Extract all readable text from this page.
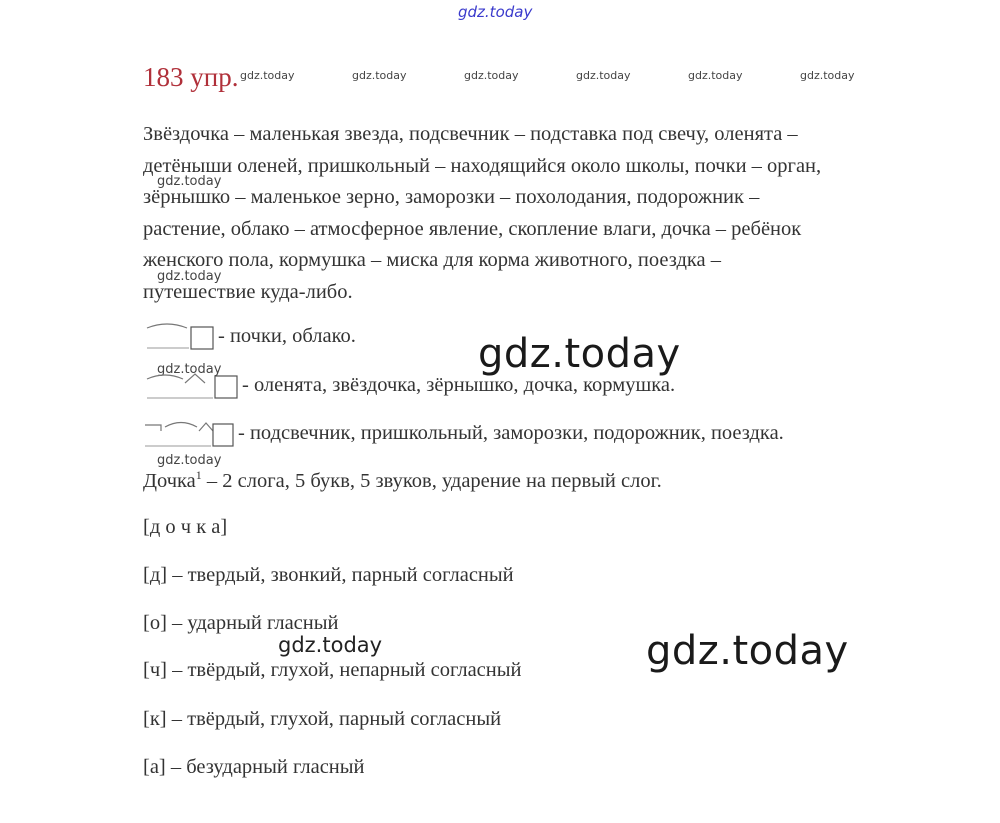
gdz.today
gdz.today	gdz.today	gdz.today	gdz.today	gdz.today	gdz.today
gdz.today
gdz.today
gdz.today
gdz.today
gdz.today
gdz.today
gdz.today
183 упр.
Звёздочка – маленькая звезда, подсвечник – подставка под свечу, оленята –
детёныши оленей, пришкольный – находящийся около школы, почки – орган,
зёрнышко – маленькое зерно, заморозки – похолодания, подорожник –
растение, облако – атмосферное явление, скопление влаги, дочка – ребёнок
женского пола, кормушка – миска для корма животного, поездка –
путешествие куда-либо.
- почки, облако.
- оленята, звёздочка, зёрнышко, дочка, кормушка.
- подсвечник, пришкольный, заморозки, подорожник, поездка.
Дочка$^1$ – 2 слога, 5 букв, 5 звуков, ударение на первый слог.
[д о ч к а]
[д] – твердый, звонкий, парный согласный
[о] – ударный гласный
[ч] – твёрдый, глухой, непарный согласный
[к] – твёрдый, глухой, парный согласный
[а] – безударный гласный
